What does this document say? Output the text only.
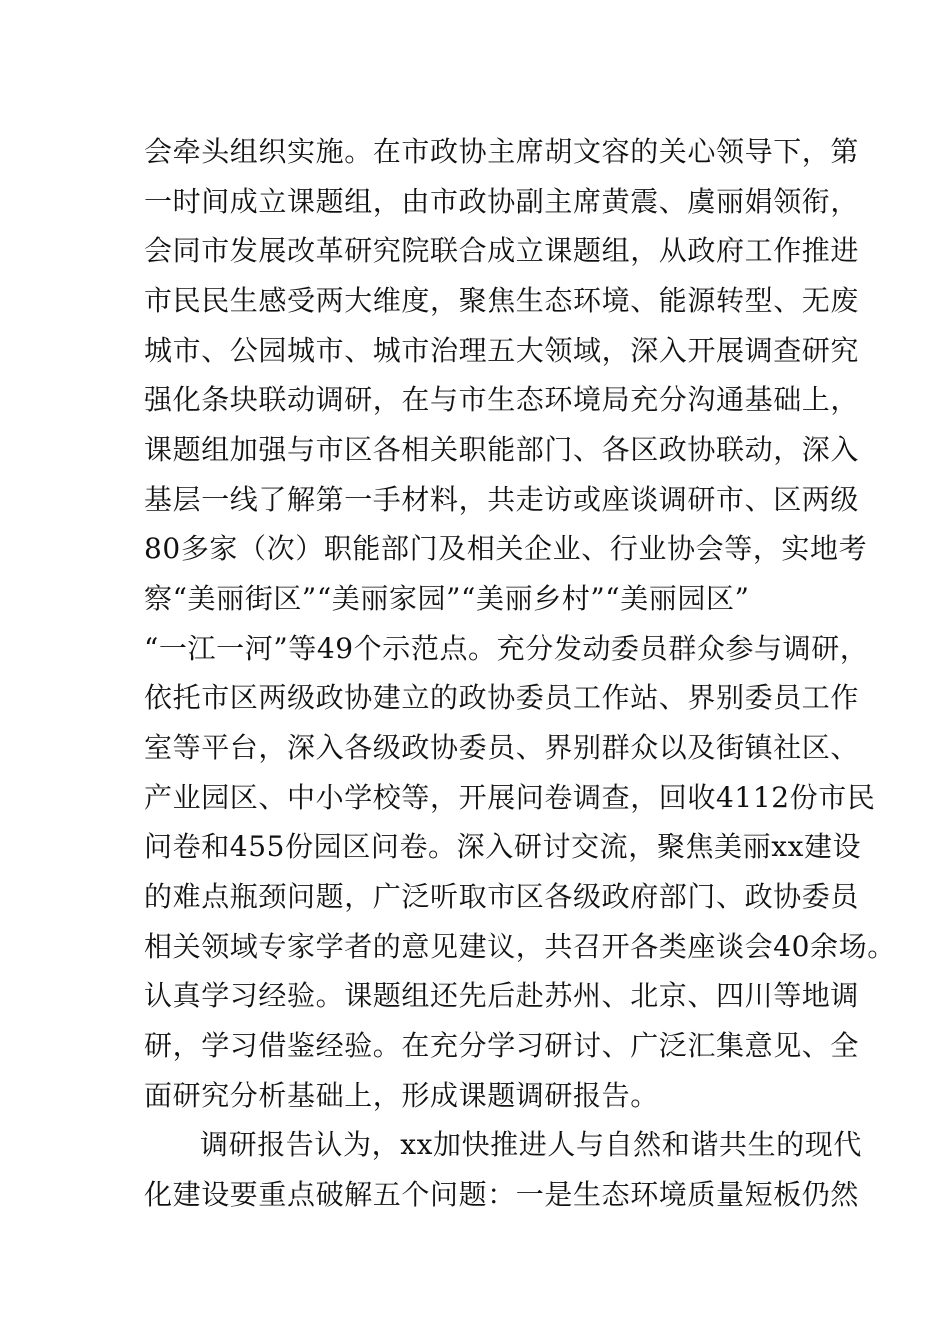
会牵头组织实施。在市政协主席胡文容的关心领导下，第
一时间成立课题组，由市政协副主席黄震、虞丽娟领衔，
会同市发展改革研究院联合成立课题组，从政府工作推进
市民民生感受两大维度，聚焦生态环境、能源转型、无废
城市、公园城市、城市治理五大领域，深入开展调查研究
强化条块联动调研，在与市生态环境局充分沟通基础上，
课题组加强与市区各相关职能部门、各区政协联动，深入
基层一线了解第一手材料，共走访或座谈调研市、区两级
80多家（次）职能部门及相关企业、行业协会等，实地考
察“美丽街区”“美丽家园”“美丽乡村”“美丽园区”
“一江一河”等49个示范点。充分发动委员群众参与调研，
依托市区两级政协建立的政协委员工作站、界别委员工作
室等平台，深入各级政协委员、界别群众以及街镇社区、
产业园区、中小学校等，开展问卷调查，回收4112份市民
问卷和455份园区问卷。深入研讨交流，聚焦美丽xx建设
的难点瓶颈问题，广泛听取市区各级政府部门、政协委员
相关领域专家学者的意见建议，共召开各类座谈会40余场。
认真学习经验。课题组还先后赴苏州、北京、四川等地调
研，学习借鉴经验。在充分学习研讨、广泛汇集意见、全
面研究分析基础上，形成课题调研报告。
调研报告认为，xx加快推进人与自然和谐共生的现代
化建设要重点破解五个问题：一是生态环境质量短板仍然
